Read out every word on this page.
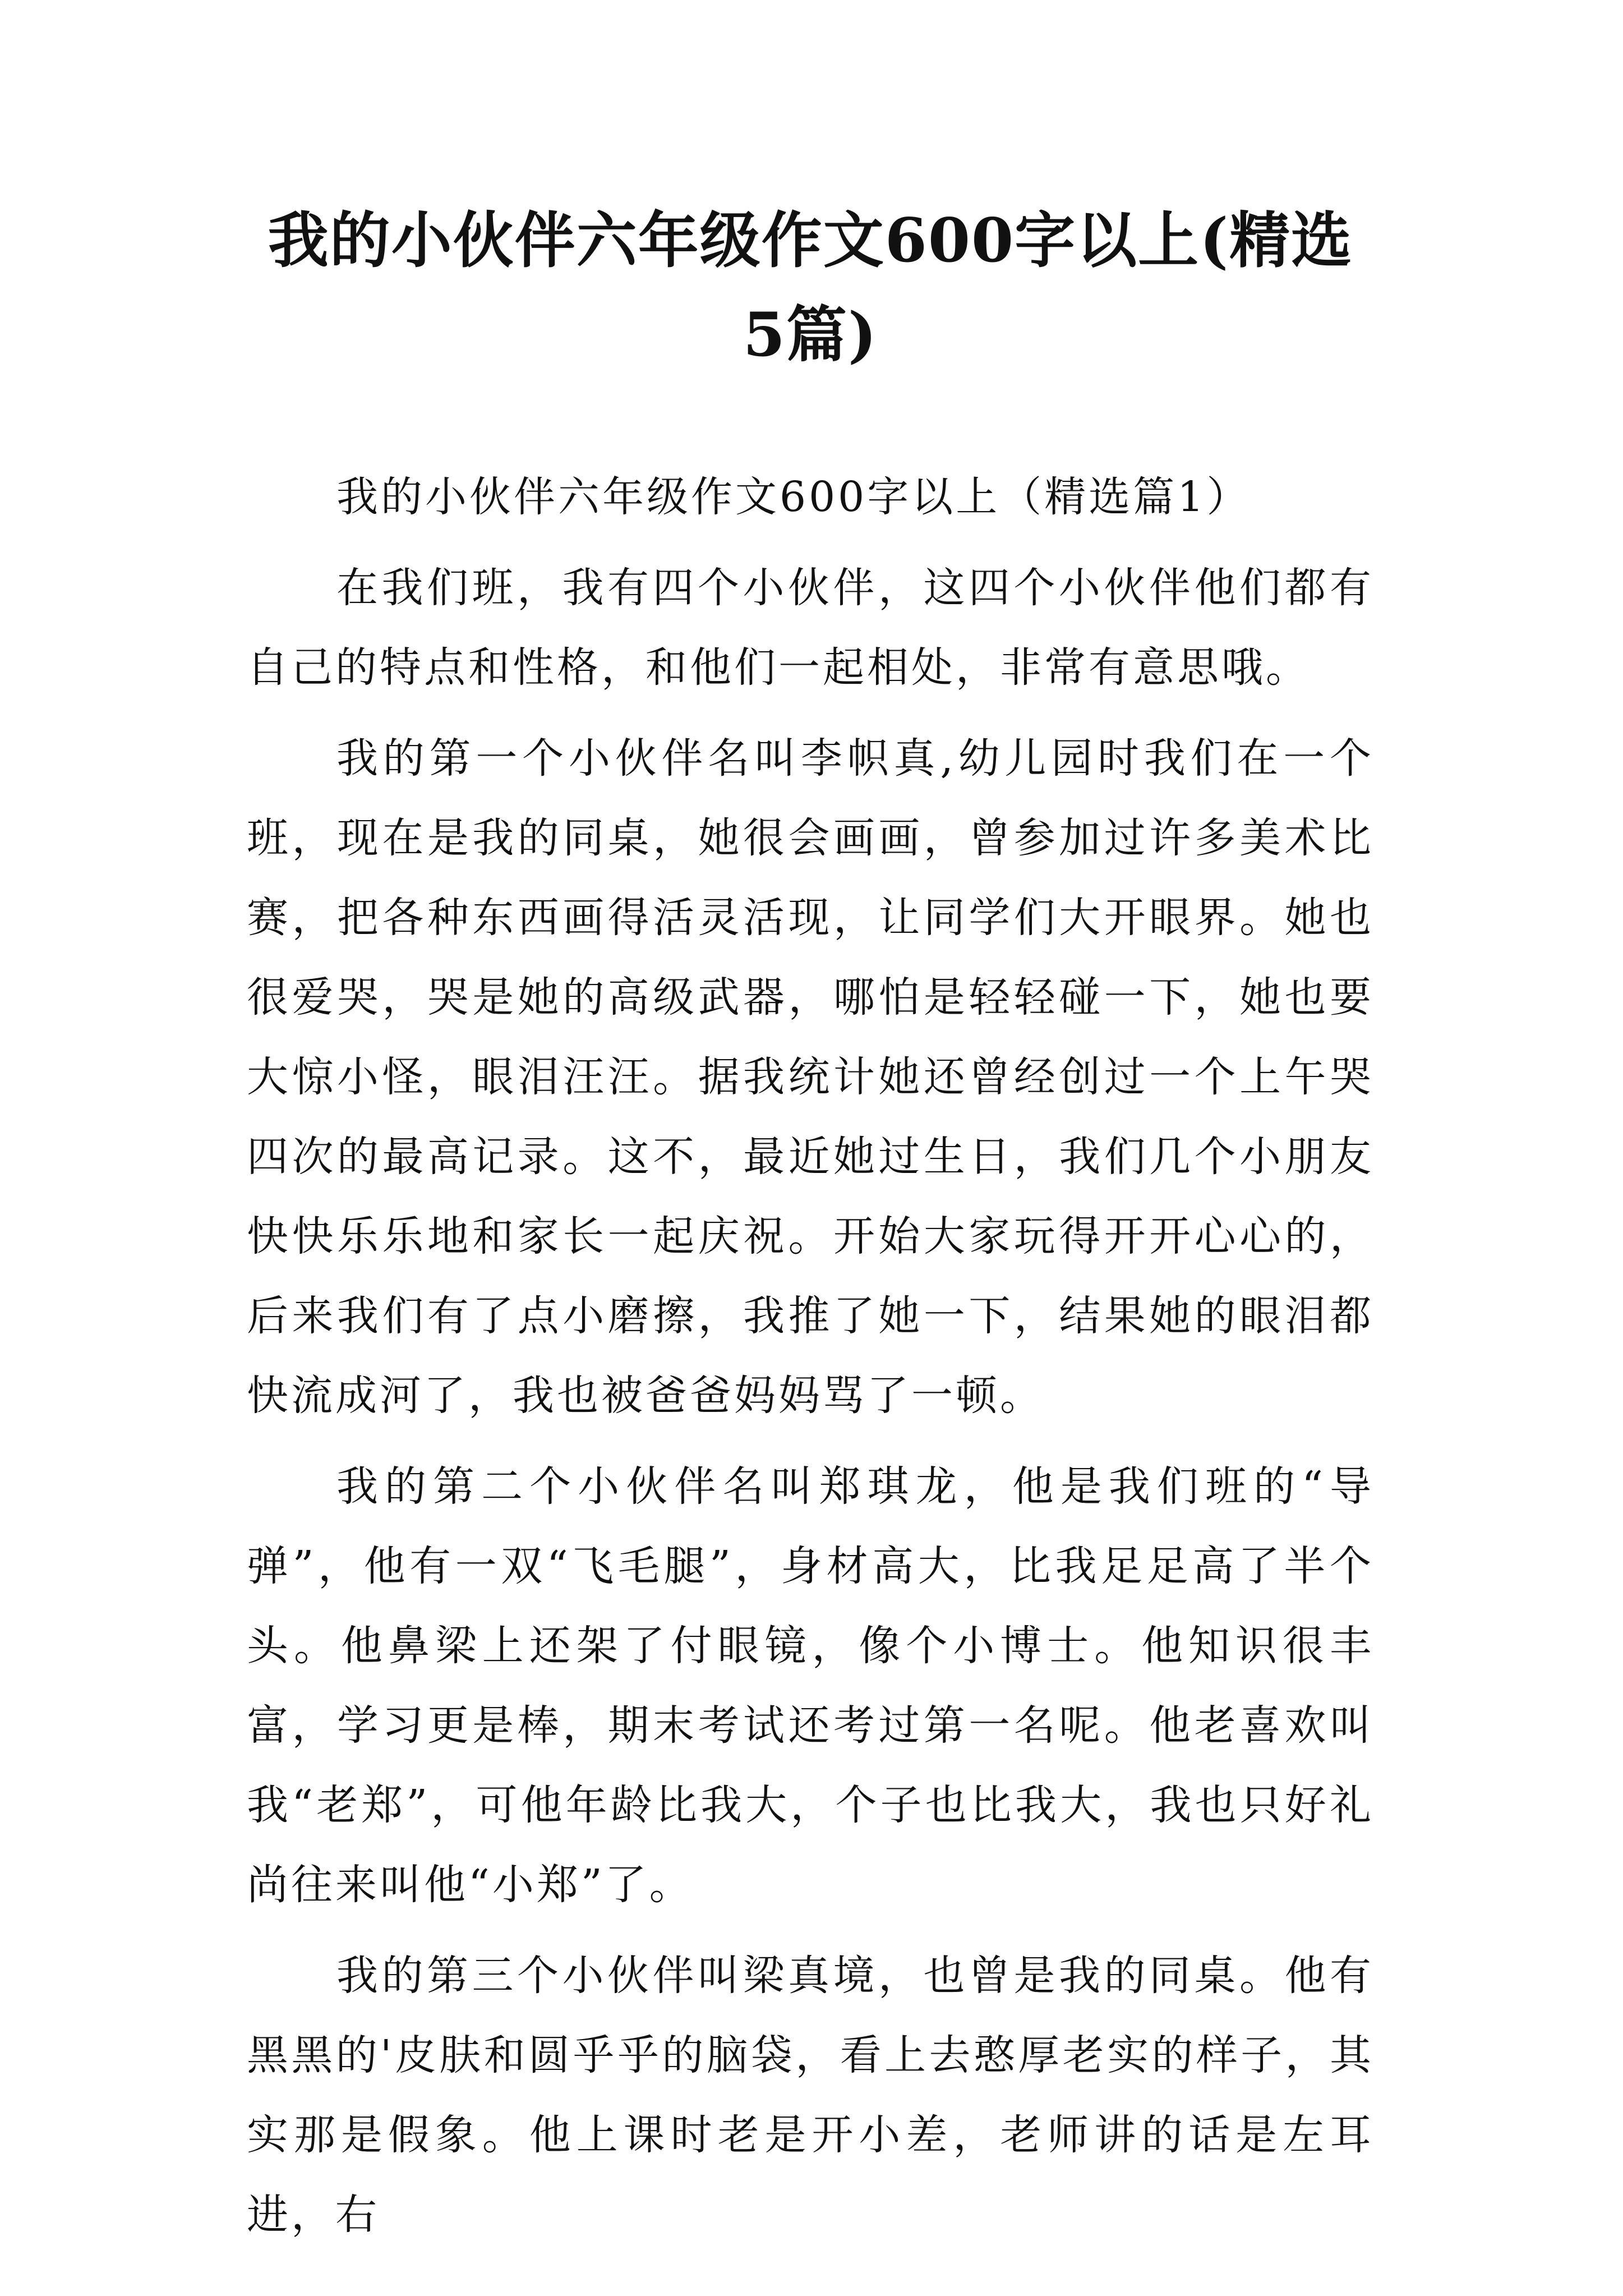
我的小伙伴六年级作文600字以上(精选5篇)

我的小伙伴六年级作文600字以上（精选篇1）

在我们班，我有四个小伙伴，这四个小伙伴他们都有自己的特点和性格，和他们一起相处，非常有意思哦。

我的第一个小伙伴名叫李帜真,幼儿园时我们在一个班，现在是我的同桌，她很会画画，曾参加过许多美术比赛，把各种东西画得活灵活现，让同学们大开眼界。她也很爱哭，哭是她的高级武器，哪怕是轻轻碰一下，她也要大惊小怪，眼泪汪汪。据我统计她还曾经创过一个上午哭四次的最高记录。这不，最近她过生日，我们几个小朋友快快乐乐地和家长一起庆祝。开始大家玩得开开心心的，后来我们有了点小磨擦，我推了她一下，结果她的眼泪都快流成河了，我也被爸爸妈妈骂了一顿。

我的第二个小伙伴名叫郑琪龙，他是我们班的“导弹”，他有一双“飞毛腿”，身材高大，比我足足高了半个头。他鼻梁上还架了付眼镜，像个小博士。他知识很丰富，学习更是棒，期末考试还考过第一名呢。他老喜欢叫我“老郑”，可他年龄比我大，个子也比我大，我也只好礼尚往来叫他“小郑”了。

我的第三个小伙伴叫梁真境，也曾是我的同桌。他有黑黑的'皮肤和圆乎乎的脑袋，看上去憨厚老实的样子，其实那是假象。他上课时老是开小差，老师讲的话是左耳进，右
